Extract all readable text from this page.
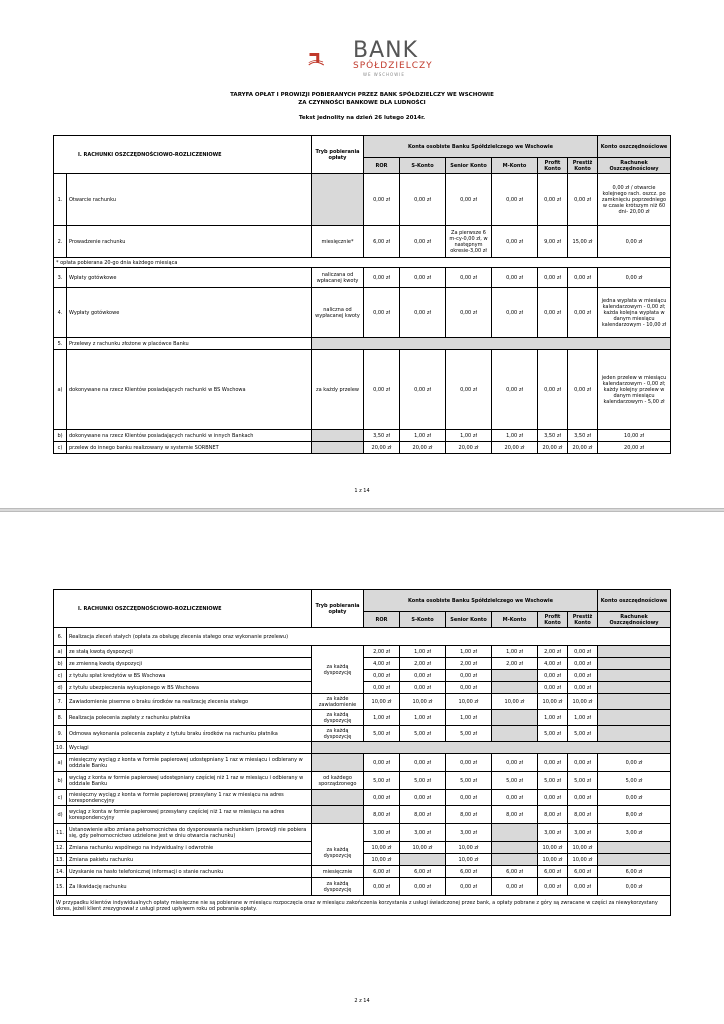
BANK
SPÓŁDZIELCZY
WE WSCHOWIE
TARYFA OPŁAT I PROWIZJI POBIERANYCH PRZEZ BANK SPÓŁDZIELCZY WE WSCHOWIE
ZA CZYNNOŚCI BANKOWE DLA LUDNOŚCI
Tekst jednolity na dzień 26 lutego 2014r.
I. RACHUNKI OSZCZĘDNOŚCIOWO-ROZLICZENIOWE		Tryb pobierania opłaty	Konta osobiste Banku Spółdzielczego we Wschowie						Konto oszczędnościowe
			ROR	S-Konto	Senior Konto	M-Konto	Profit Konto	Prestiż Konto	Rachunek Oszczędnościowy
1.	Otwarcie rachunku		0,00 zł	0,00 zł	0,00 zł	0,00 zł	0,00 zł	0,00 zł	0,00 zł / otwarcie kolejnego rach. oszcz. po zamknięciu poprzedniego w czasie krótszym niż 60 dni- 20,00 zł
2.	Prowadzenie rachunku	miesięcznie*	6,00 zł	0,00 zł	Za pierwsze 6 m-cy-0,00 zł, w następnym okresie-3,00 zł	0,00 zł	9,00 zł	15,00 zł	0,00 zł
* opłata pobierana 20-go dnia każdego miesiąca									
3.	Wpłaty gotówkowe	naliczana od wpłacanej kwoty	0,00 zł	0,00 zł	0,00 zł	0,00 zł	0,00 zł	0,00 zł	0,00 zł
4.	Wypłaty gotówkowe	naliczna od wypłacanej kwoty	0,00 zł	0,00 zł	0,00 zł	0,00 zł	0,00 zł	0,00 zł	jedna wypłata w miesiącu kalendarzowym - 0,00 zł; każda kolejna wypłata w danym miesiącu kalendarzowym - 10,00 zł
5.	Przelewy z rachunku złożone w placówce Banku								
a)	dokonywane na rzecz Klientów posiadających rachunki w BS Wschowa	za każdy przelew	0,00 zł	0,00 zł	0,00 zł	0,00 zł	0,00 zł	0,00 zł	jeden przelew w miesiącu kalendarzowym - 0,00 zł; każdy kolejny przelew w danym miesiącu kalendarzowym - 5,00 zł
b)	dokonywane na rzecz Klientów posiadających rachunki w innych Bankach		3,50 zł	1,00 zł	1,00 zł	1,00 zł	3,50 zł	3,50 zł	10,00 zł
c)	przelew do innego banku realizowany w systemie SORBNET		20,00 zł	20,00 zł	20,00 zł	20,00 zł	20,00 zł	20,00 zł	20,00 zł
1 z 14
I. RACHUNKI OSZCZĘDNOŚCIOWO-ROZLICZENIOWE		Tryb pobierania opłaty	Konta osobiste Banku Spółdzielczego we Wschowie						Konto oszczędnościowe
			ROR	S-Konto	Senior Konto	M-Konto	Profit Konto	Prestiż Konto	Rachunek Oszczędnościowy
6.	Realizacja zleceń stałych (opłata za obsługę zlecenia stałego oraz wykonanie przelewu)								
a)	ze stałą kwotą dyspozycji	za każdą dyspozycję	2,00 zł	1,00 zł	1,00 zł	1,00 zł	2,00 zł	0,00 zł	
b)	ze zmienną kwotą dyspozycji		4,00 zł	2,00 zł	2,00 zł	2,00 zł	4,00 zł	0,00 zł	
c)	z tytułu spłat kredytów w BS Wschowa		0,00 zł	0,00 zł	0,00 zł		0,00 zł	0,00 zł	
d)	z tytułu ubezpieczenia wykupionego w BS Wschowa		0,00 zł	0,00 zł	0,00 zł		0,00 zł	0,00 zł	
7.	Zawiadomienie pisemne o braku środków na realizację zlecenia stałego	za każde zawiadomienie	10,00 zł	10,00 zł	10,00 zł	10,00 zł	10,00 zł	10,00 zł	
8.	Realizacja polecenia zapłaty z rachunku płatnika	za każdą dyspozycję	1,00 zł	1,00 zł	1,00 zł		1,00 zł	1,00 zł	
9.	Odmowa wykonania polecenia zapłaty z tytułu braku środków na rachunku płatnika	za każdą dyspozycję	5,00 zł	5,00 zł	5,00 zł		5,00 zł	5,00 zł	
10.	Wyciągi								
a)	miesięczny wyciąg z konta w formie papierowej udostępniany 1 raz w miesiącu i odbierany w oddziale Banku		0,00 zł	0,00 zł	0,00 zł	0,00 zł	0,00 zł	0,00 zł	0,00 zł
b)	wyciąg z konta w formie papierowej udostępniany częściej niż 1 raz w miesiącu i odbierany w oddziale Banku	od każdego sporządzonego	5,00 zł	5,00 zł	5,00 zł	5,00 zł	5,00 zł	5,00 zł	5,00 zł
c)	miesięczny wyciąg z konta w formie papierowej przesyłany 1 raz w miesiącu na adres korespondencyjny		0,00 zł	0,00 zł	0,00 zł	0,00 zł	0,00 zł	0,00 zł	0,00 zł
d)	wyciąg z konta w formie papierowej przesyłany częściej niż 1 raz w miesiącu na adres korespondencyjny		8,00 zł	8,00 zł	8,00 zł	8,00 zł	8,00 zł	8,00 zł	8,00 zł
11.	Ustanowienie albo zmiana pełnomocnictwa do dysponowania rachunkiem (prowizji nie pobiera się, gdy pełnomocnictwo udzielone jest w dniu otwarcia rachunku)		3,00 zł	3,00 zł	3,00 zł		3,00 zł	3,00 zł	3,00 zł
12.	Zmiana rachunku wspólnego na indywidualny i odwrotnie	za każdą dyspozycję	10,00 zł	10,00 zł	10,00 zł		10,00 zł	10,00 zł	
13.	Zmiana pakietu rachunku		10,00 zł		10,00 zł		10,00 zł	10,00 zł	
14.	Uzyskanie na hasło telefonicznej informacji o stanie rachunku	miesięcznie	6,00 zł	6,00 zł	6,00 zł	6,00 zł	6,00 zł	6,00 zł	6,00 zł
15.	Za likwidację rachunku	za każdą dyspozycję	0,00 zł	0,00 zł	0,00 zł	0,00 zł	0,00 zł	0,00 zł	0,00 zł
W przypadku klientów indywidualnych opłaty miesięczne nie są pobierane w miesiącu rozpoczęcia oraz w miesiącu zakończenia korzystania z usługi świadczonej przez bank, a opłaty pobrane z góry są zwracane w części za niewykorzystany okres, jeżeli klient zrezygnował z usługi przed upływem roku od pobrania opłaty.									
2 z 14
